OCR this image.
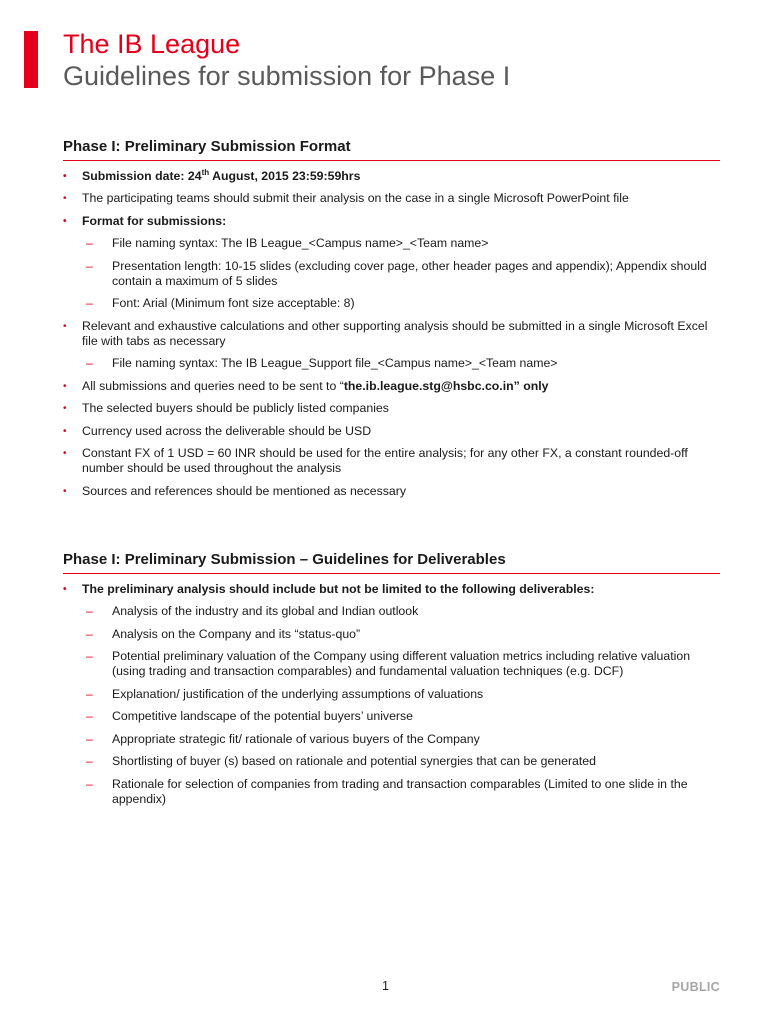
The IB League
Guidelines for submission for Phase I
Phase I: Preliminary Submission Format
• Submission date: 24th August, 2015 23:59:59hrs
• The participating teams should submit their analysis on the case in a single Microsoft PowerPoint file
• Format for submissions:
– File naming syntax: The IB League_<Campus name>_<Team name>
– Presentation length: 10-15 slides (excluding cover page, other header pages and appendix); Appendix should contain a maximum of 5 slides
– Font: Arial (Minimum font size acceptable: 8)
• Relevant and exhaustive calculations and other supporting analysis should be submitted in a single Microsoft Excel file with tabs as necessary
– File naming syntax: The IB League_Support file_<Campus name>_<Team name>
• All submissions and queries need to be sent to “the.ib.league.stg@hsbc.co.in” only
• The selected buyers should be publicly listed companies
• Currency used across the deliverable should be USD
• Constant FX of 1 USD = 60 INR should be used for the entire analysis; for any other FX, a constant rounded-off number should be used throughout the analysis
• Sources and references should be mentioned as necessary
Phase I: Preliminary Submission – Guidelines for Deliverables
• The preliminary analysis should include but not be limited to the following deliverables:
– Analysis of the industry and its global and Indian outlook
– Analysis on the Company and its “status-quo”
– Potential preliminary valuation of the Company using different valuation metrics including relative valuation (using trading and transaction comparables) and fundamental valuation techniques (e.g. DCF)
– Explanation/ justification of the underlying assumptions of valuations
– Competitive landscape of the potential buyers’ universe
– Appropriate strategic fit/ rationale of various buyers of the Company
– Shortlisting of buyer (s) based on rationale and potential synergies that can be generated
– Rationale for selection of companies from trading and transaction comparables (Limited to one slide in the appendix)
1	PUBLIC
